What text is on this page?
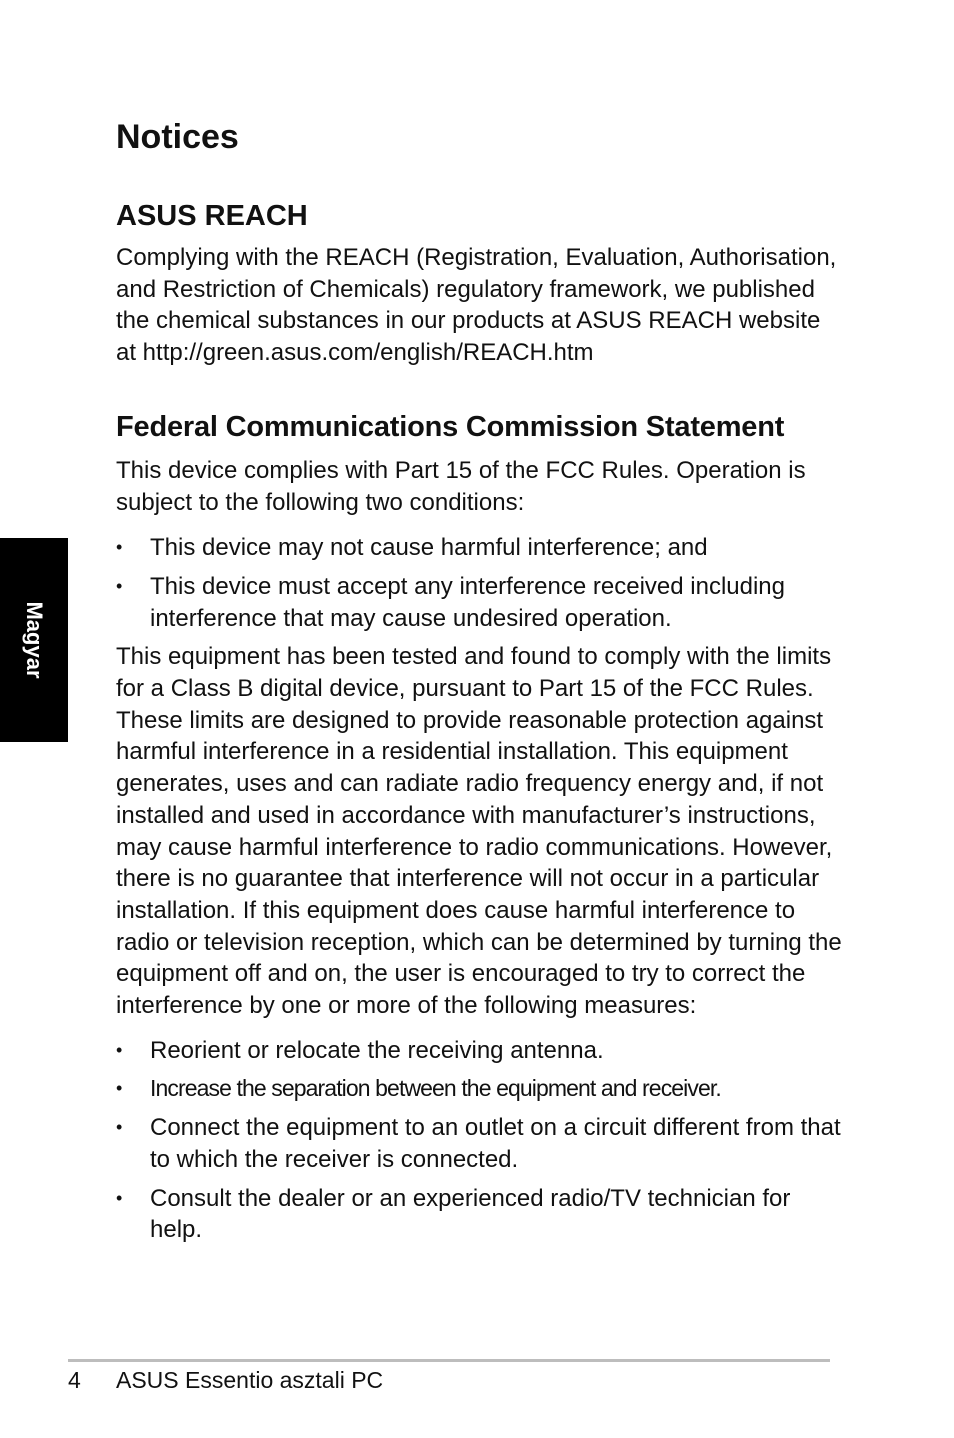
Magyar
Notices
ASUS REACH

Complying with the REACH (Registration, Evaluation, Authorisation, and Restriction of Chemicals) regulatory framework, we published the chemical substances in our products at ASUS REACH website at http://green.asus.com/english/REACH.htm

Federal Communications Commission Statement

This device complies with Part 15 of the FCC Rules. Operation is subject to the following two conditions:

• This device may not cause harmful interference; and
• This device must accept any interference received including interference that may cause undesired operation.

This equipment has been tested and found to comply with the limits for a Class B digital device, pursuant to Part 15 of the FCC Rules. These limits are designed to provide reasonable protection against harmful interference in a residential installation. This equipment generates, uses and can radiate radio frequency energy and, if not installed and used in accordance with manufacturer’s instructions, may cause harmful interference to radio communications. However, there is no guarantee that interference will not occur in a particular installation. If this equipment does cause harmful interference to radio or television reception, which can be determined by turning the equipment off and on, the user is encouraged to try to correct the interference by one or more of the following measures:

• Reorient or relocate the receiving antenna.
• Increase the separation between the equipment and receiver.
• Connect the equipment to an outlet on a circuit different from that to which the receiver is connected.
• Consult the dealer or an experienced radio/TV technician for help.
4 ASUS Essentio asztali PC
